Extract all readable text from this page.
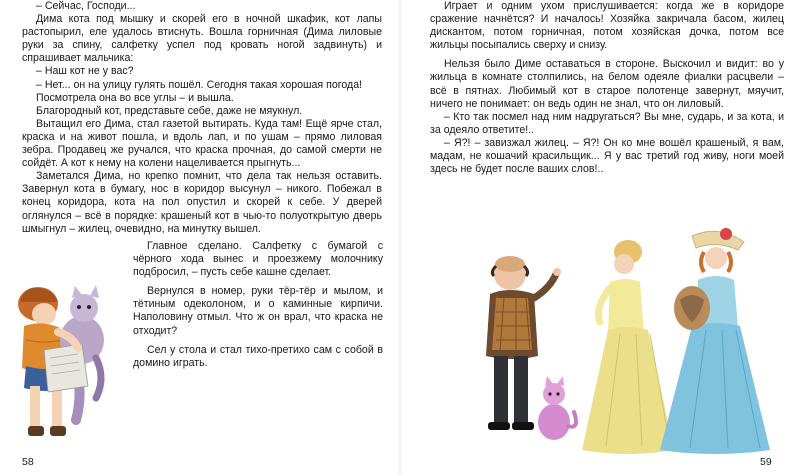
– Сейчас, Господи...

Дима кота под мышку и скорей его в ночной шкафик, кот лапы растопырил, еле удалось втиснуть. Вошла горничная (Дима лиловые руки за спину, салфетку успел под кровать ногой задвинуть) и спрашивает мальчика:

– Наш кот не у вас?

– Нет... он на улицу гулять пошёл. Сегодня такая хорошая погода!

Посмотрела она во все углы – и вышла.

Благородный кот, представьте себе, даже не мяукнул.

Вытащил его Дима, стал газетой вытирать. Куда там! Ещё ярче стал, краска и на живот пошла, и вдоль лап, и по ушам – прямо лиловая зебра. Продавец же ручался, что краска прочная, до самой смерти не сойдёт. А кот к нему на колени нацеливается прыгнуть...

Заметался Дима, но крепко помнит, что дела так нельзя оставить. Завернул кота в бумагу, нос в коридор высунул – никого. Побежал в конец коридора, кота на пол опустил и скорей к себе. У дверей оглянулся – всё в порядке: крашеный кот в чью-то полуоткрытую дверь шмыгнул – жилец, очевидно, на минутку вышел.

Главное сделано. Салфетку с бумагой с чёрного хода вынес и проезжему молочнику подбросил, – пусть себе кашне сделает.

Вернулся в номер, руки тёр-тёр и мылом, и тётиным одеколоном, и о каминные кирпичи. Наполовину отмыл. Что ж он врал, что краска не отходит?

Сел у стола и стал тихо-претихо сам с собой в домино играть.

58

Играет и одним ухом прислушивается: когда же в коридоре сражение начнётся? И началось! Хозяйка закричала басом, жилец дискантом, потом горничная, потом хозяйская дочка, потом все жильцы посыпались сверху и снизу.

Нельзя было Диме оставаться в стороне. Выскочил и видит: во у жильца в комнате столпились, на белом одеяле фиалки расцвели – всё в пятнах. Любимый кот в старое полотенце завернут, мяучит, ничего не понимает: он ведь один не знал, что он лиловый.

– Кто так посмел над ним надругаться? Вы мне, сударь, и за кота, и за одеяло ответите!..

– Я?! – завизжал жилец. – Я?! Он ко мне вошёл крашеный, я вам, мадам, не кошачий красильщик... Я у вас третий год живу, ноги моей здесь не будет после ваших слов!..

59
